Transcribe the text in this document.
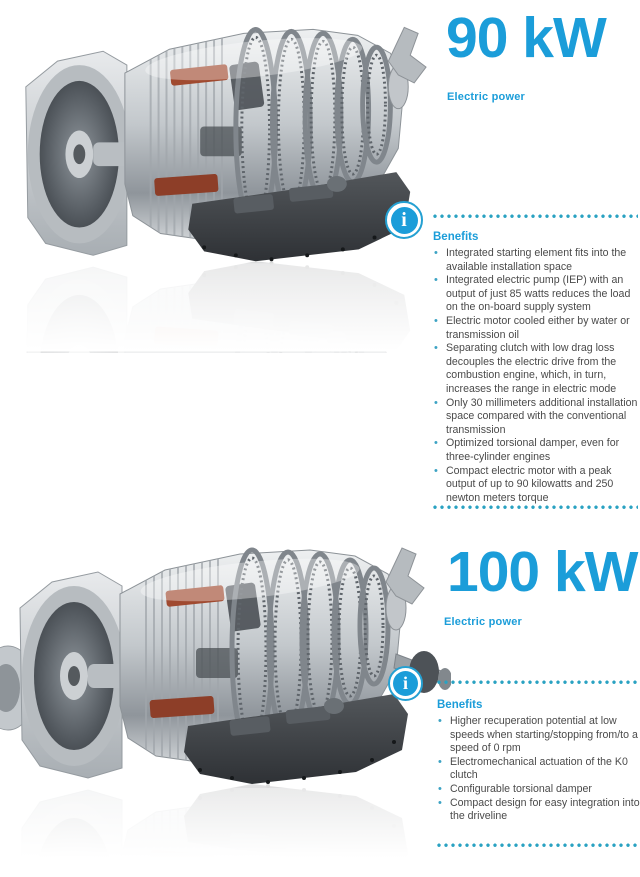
90 kW
Electric power
i
Benefits
• Integrated starting element fits into the available installation space
• Integrated electric pump (IEP) with an output of just 85 watts reduces the load on the on-board supply system
• Electric motor cooled either by water or transmission oil
• Separating clutch with low drag loss decouples the electric drive from the combustion engine, which, in turn, increases the range in electric mode
• Only 30 millimeters additional installation space compared with the conventional transmission
• Optimized torsional damper, even for three-cylinder engines
• Compact electric motor with a peak output of up to 90 kilowatts and 250 newton meters torque
100 kW
Electric power
i
Benefits
• Higher recuperation potential at low speeds when starting/stopping from/to a speed of 0 rpm
• Electromechanical actuation of the K0 clutch
• Configurable torsional damper
• Compact design for easy integration into the driveline
